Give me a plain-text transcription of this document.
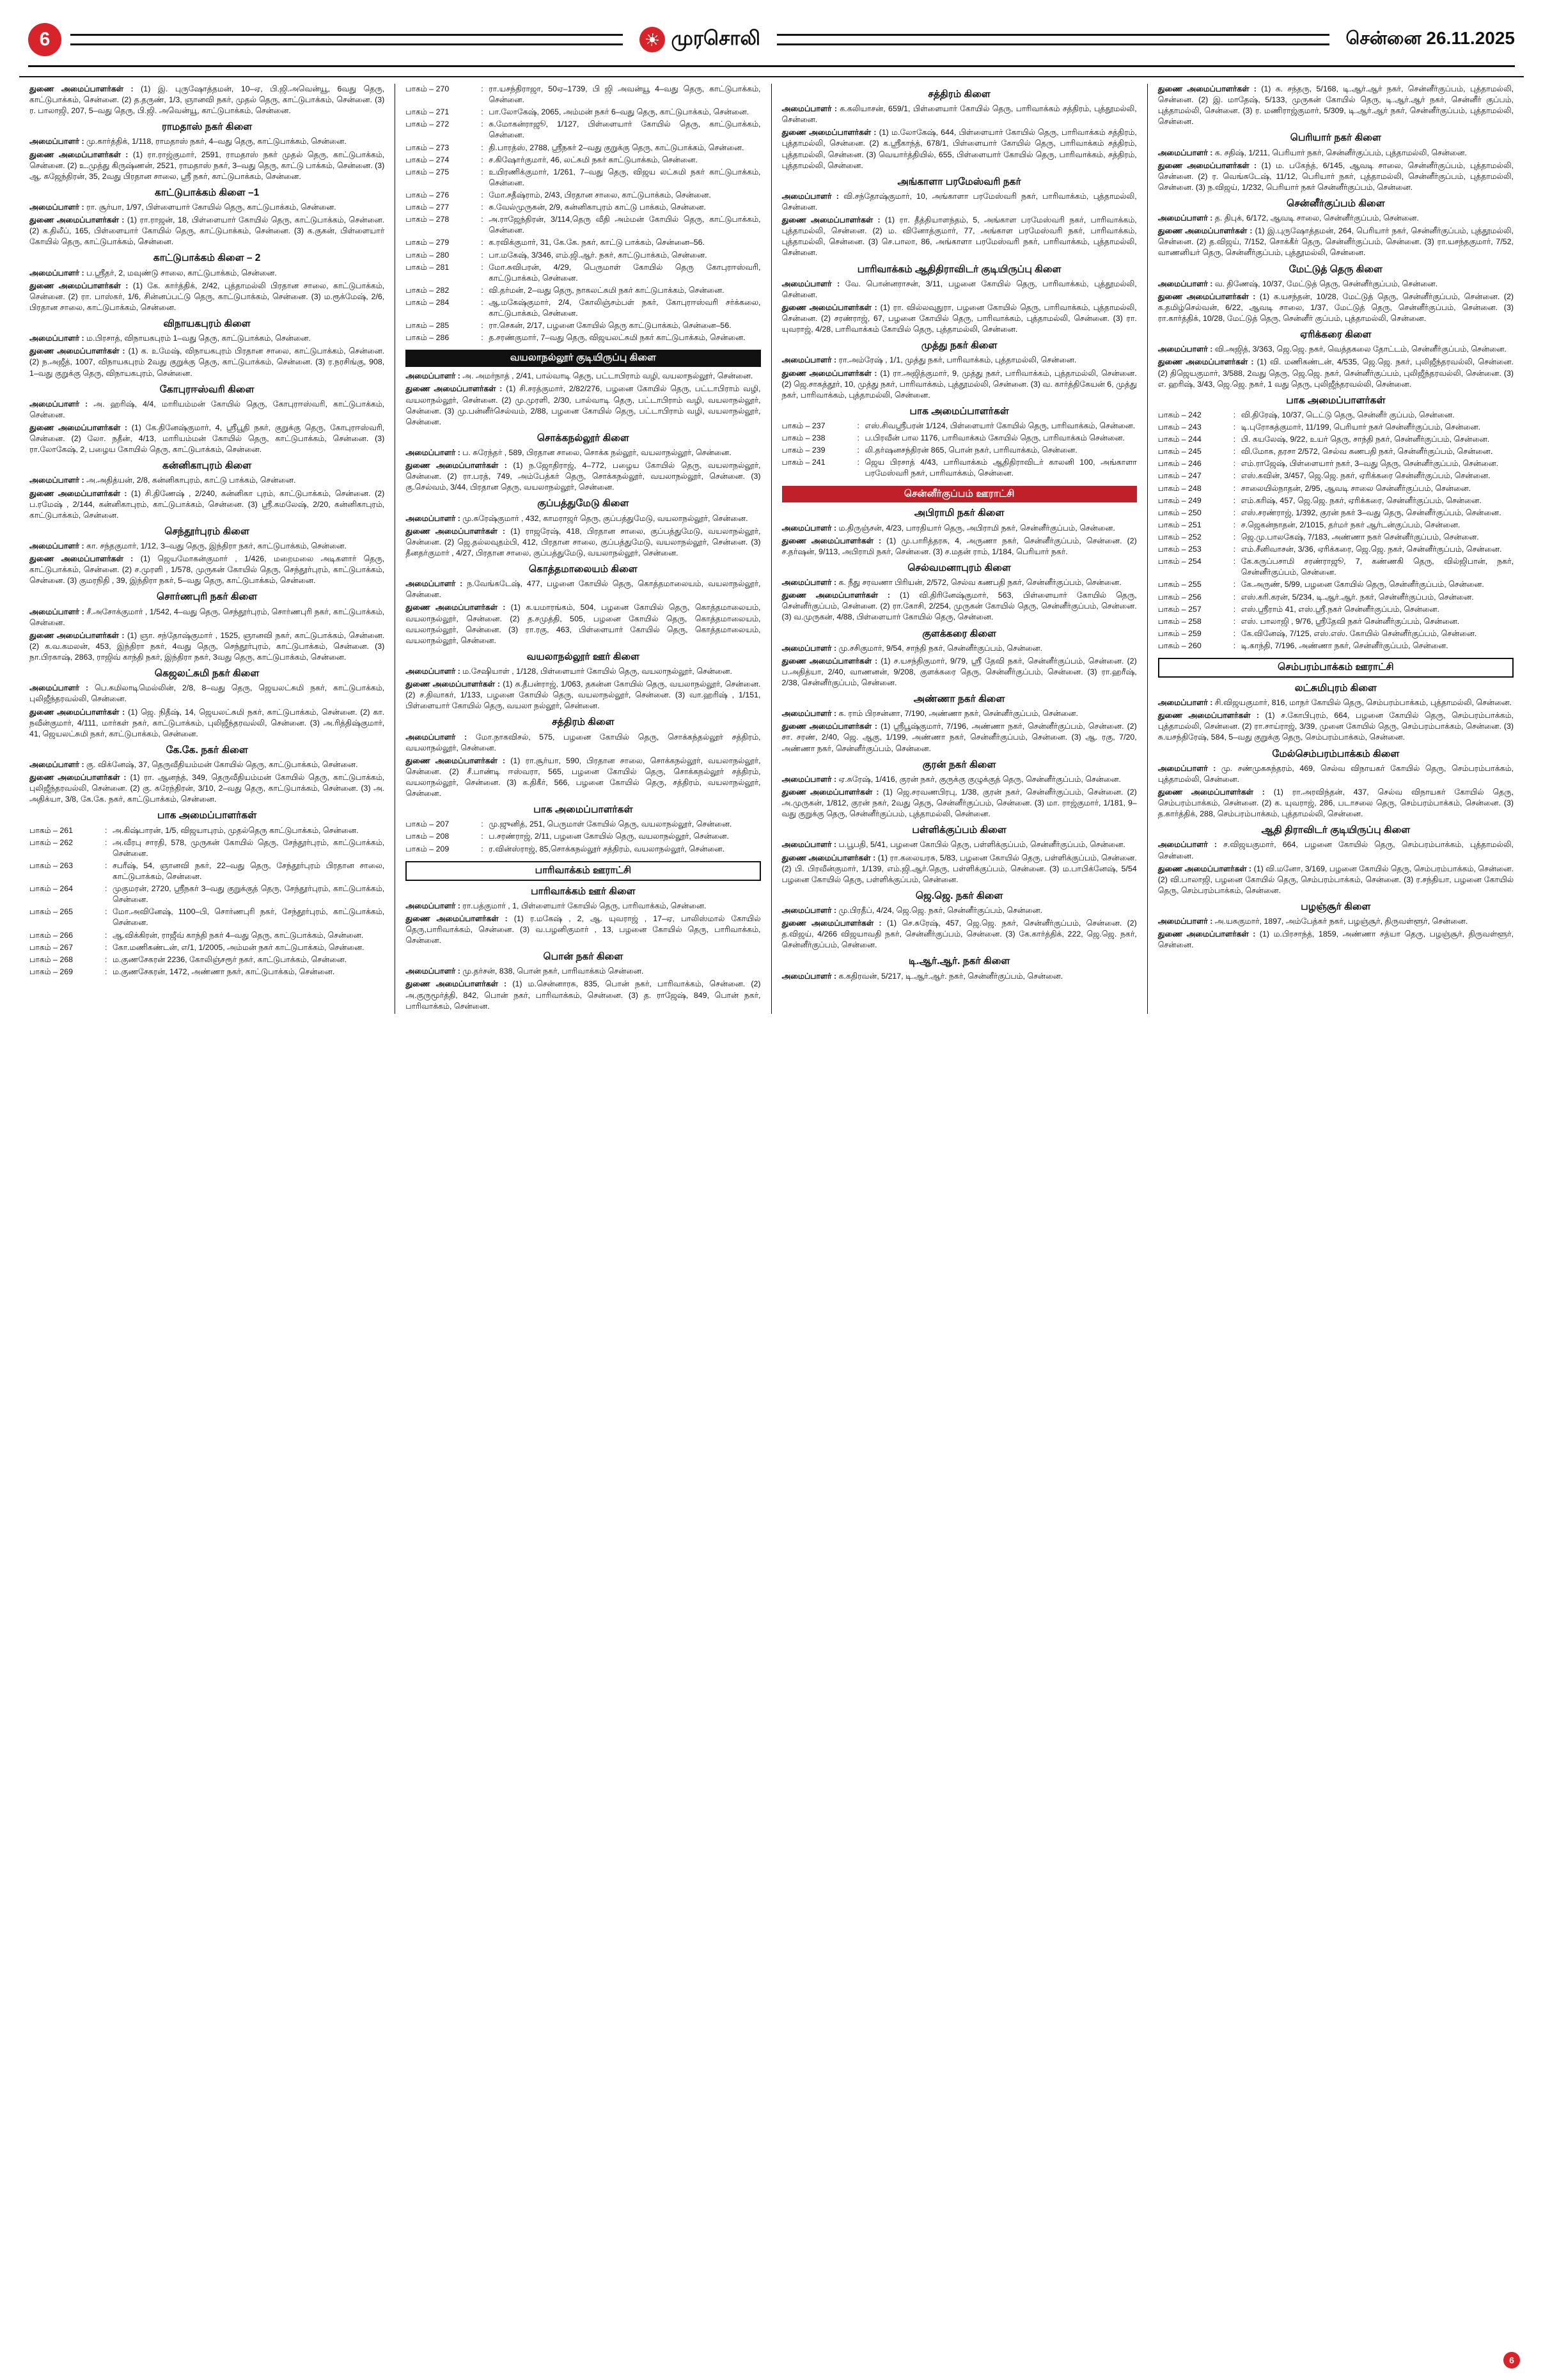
6	முரசொலி	சென்னை 26.11.2025

துணை அமைப்பாளர்கள் : (1) இ. புருஷோத்தமன், 10–ஏ, பி.ஜி.அவென்யூ, 6வது தெரு, காட்டுபாக்கம், சென்னை. (2) த.தருண், 1/3, ஞானவி நகர், முதல் தெரு, காட்டுபாக்கம், சென்னை. (3) ர. பாலாஜி, 207, 5–வது தெரு, பி.ஜி. அவென்யூ, காட்டுபாக்கம், சென்னை.

ராமதாஸ் நகர் கிளை

அமைப்பாளர் : மு.கார்த்திக், 1/118, ராமதாஸ் நகர், 4–வது தெரு, காட்டுபாக்கம், சென்னை.

துணை அமைப்பாளர்கள் : (1) ரா.ராஜ்குமார், 2591, ராமதாஸ் நகர் முதல் தெரு, காட்டுபாக்கம், சென்னை. (2) உ.முத்து கிருஷ்ணன், 2521, ராமதாஸ் நகர், 3–வது தெரு, காட்டு பாக்கம், சென்னை. (3) ஆ. கஜேந்திரன், 35, 2வது பிரதான சாலை, ஸ்ரீ நகர், காட்டுபாக்கம், சென்னை.

காட்டுபாக்கம் கிளை –1

அமைப்பாளர் : ரா. சூர்யா, 1/97, பிள்ளையார் கோயில் தெரு, காட்டுபாக்கம், சென்னை.

துணை அமைப்பாளர்கள் : (1) ரா.ராஜன், 18, பிள்ளையார் கோயில் தெரு, காட்டுபாக்கம், சென்னை. (2) க.திலீப், 165, பிள்ளையார் கோயில் தெரு, காட்டுபாக்கம், சென்னை. (3) க.குகன், பிள்ளையார் கோயில் தெரு, காட்டுபாக்கம், சென்னை.

காட்டுபாக்கம் கிளை – 2

அமைப்பாளர் : ப.ஸ்ரீதர், 2, மவுண்டு சாலை, காட்டுபாக்கம், சென்னை.

துணை அமைப்பாளர்கள் : (1) கே. கார்த்திக், 2/42, புத்தாமல்லி பிரதான சாலை, காட்டுபாக்கம், சென்னை. (2) ரா. பாஸ்கர், 1/6, சின்னப்பட்டு தெரு, காட்டுபாக்கம், சென்னை. (3) ம.ரூக்மேஷ், 2/6, பிரதான சாலை, காட்டுபாக்கம், சென்னை.

விநாயகபுரம் கிளை

அமைப்பாளர் : ம.பிரசாத், விநாயகபுரம் 1–வது தெரு, காட்டுபாக்கம், சென்னை.

துணை அமைப்பாளர்கள் : (1) க. உமேஷ், விநாயகபுரம் பிரதான சாலை, காட்டுபாக்கம், சென்னை. (2) ந.அஜீத், 1007, விநாயகபுரம் 2வது குறுக்கு தெரு, காட்டுபாக்கம், சென்னை. (3) ர.நரசிங்கு, 908, 1–வது குறுக்கு தெரு, விநாயகபுரம், சென்னை.

கோபுரஈஸ்வரி கிளை

அமைப்பாளர் : அ. ஹரிஷ், 4/4, மாரியம்மன் கோயில் தெரு, கோபுரஈஸ்வரி, காட்டுபாக்கம், சென்னை.

துணை அமைப்பாளர்கள் : (1) கே.தினேஷ்குமார், 4, ஸ்ரீபூதி நகர், குறுக்கு தெரு, கோபுரஈஸ்வரி, சென்னை. (2) லோ. நதீன், 4/13, மாரியம்மன் கோயில் தெரு, காட்டுபாக்கம், சென்னை. (3) ரா.லோகேஷ், 2, பழைய கோயில் தெரு, காட்டுபாக்கம், சென்னை.

கன்னிகாபுரம் கிளை

அமைப்பாளர் : அ.அதித்யன், 2/8, கன்னிகாபுரம், காட்டு பாக்கம், சென்னை.

துணை அமைப்பாளர்கள் : (1) சி.திணேஷ் , 2/240, கன்னிகா புரம், காட்டுபாக்கம், சென்னை. (2) ப.ரமேஷ் , 2/144, கன்னிகாபுரம், காட்டுபாக்கம், சென்னை. (3) ஸ்ரீ.கமலேஷ், 2/20, கன்னிகாபுரம், காட்டுபாக்கம், சென்னை.

செந்தூர்புரம் கிளை

அமைப்பாளர் : கா. சந்தகுமார், 1/12, 3–வது தெரு, இந்திரா நகர், காட்டுபாக்கம், சென்னை.

துணை அமைப்பாளர்கள் : (1) ஜெயமோகன்குமார் , 1/426, மறைமலை அடிகளார் தெரு, காட்டுபாக்கம், சென்னை. (2) ச.முரளி , 1/578, முருகன் கோயில் தெரு, செந்தூர்புரம், காட்டுபாக்கம், சென்னை. (3) குமரநிதி , 39, இந்திரா நகர், 5–வது தெரு, காட்டுபாக்கம், சென்னை.

சொர்ணபுரி நகர் கிளை

அமைப்பாளர் : சீ.அசோக்குமார் , 1/542, 4–வது தெரு, செந்தூர்புரம், சொர்ணபுரி நகர், காட்டுபாக்கம், சென்னை.

துணை அமைப்பாளர்கள் : (1) ஞா. சந்தோஷ்குமார் , 1525, ஞானவி நகர், காட்டுபாக்கம், சென்னை. (2) க.வ.கமலன், 453, இந்திரா நகர், 4வது தெரு, செந்தூர்புரம், காட்டுபாக்கம், சென்னை. (3) நா.பிரகாஷ், 2863, ராஜிவ் காந்தி நகர், இந்திரா நகர், 3வது தெரு, காட்டுபாக்கம், சென்னை.

கெஜலட்சுமி நகர் கிளை

அமைப்பாளர் : பெ.கமிலாடிமெல்லின், 2/8, 8–வது தெரு, ஜெயலட்சுமி நகர், காட்டுபாக்கம், புலிஜீந்தரவல்லி, சென்னை.

துணை அமைப்பாளர்கள் : (1) ஜெ. நிதீஷ், 14, ஜெயலட்சுமி நகர், காட்டுபாக்கம், சென்னை. (2) கா. நவீன்குமார், 4/111, மார்கள் நகர், காட்டுபாக்கம், புலிஜீந்தரவல்லி, சென்னை. (3) அ.ரித்திஷ்குமார், 41, ஜெயலட்சுமி நகர், காட்டுபாக்கம், சென்னை.

கே.கே. நகர் கிளை

அமைப்பாளர் : கு. விக்னேஷ், 37, தெருவீதியம்மன் கோயில் தெரு, காட்டுபாக்கம், சென்னை.

துணை அமைப்பாளர்கள் : (1) ரா. ஆனந்த், 349, தெருவீதியம்மன் கோயில் தெரு, காட்டுபாக்கம், புலிஜீந்தரவல்லி, சென்னை. (2) கு. சுரேந்திரன், 3/10, 2–வது தெரு, காட்டுபாக்கம், சென்னை. (3) அ. அதிக்யா, 3/8, கே.கே. நகர், காட்டுபாக்கம், சென்னை.

பாக அமைப்பாளர்கள்
பாகம் – 261	: அ.கிஷ்பாரன், 1/5, விஜயாபுரம், முதல்தெரு காட்டுபாக்கம், சென்னை.
பாகம் – 262	: அ.வீரபு சாரதி, 578, முருகன் கோயில் தெரு, சேந்தூர்புரம், காட்டுபாக்கம், சென்னை.
பாகம் – 263	: சபரீஷ், 54, ஞானவி நகர், 22–வது தெரு, சேந்தூர்புரம் பிரதான சாலை, காட்டுபாக்கம், சென்னை.
பாகம் – 264	: முகுமரன், 2720, ஸ்ரீநகர் 3–வது குறுக்குத் தெரு, சேந்தூர்புரம், காட்டுபாக்கம், சென்னை.
பாகம் – 265	: மோ.அவினேஷ், 1100–பி, சொர்ணபுரி நகர், சேந்தூர்புரம், காட்டுபாக்கம், சென்னை.
பாகம் – 266	: ஆ.விக்கிரன், ராஜீவ் காந்தி நகர் 4–வது தெரு, காட்டுபாக்கம், சென்னை.
பாகம் – 267	: கோ.மணிகண்டன், எ/1, 1/2005, அம்மன் நகர் காட்டுபாக்கம், சென்னை.
பாகம் – 268	: ம.குணசேகரன் 2236, கோலிஞ்சரூர் நகர், காட்டுபாக்கம், சென்னை.
பாகம் – 269	: ம.குணசேகரன், 1472, அண்ணா நகர், காட்டுபாக்கம், சென்னை.
பாகம் – 270	: ரா.யசந்திராஜா, 50ஏ–1739, பி ஜி அவன்யூ 4–வது தெரு, காட்டுபாக்கம், சென்னை.
பாகம் – 271	: பா.லோகேஷ், 2065, அம்மன் நகர் 6–வது தெரு, காட்டுபாக்கம், சென்னை.
பாகம் – 272	: சு.மோகன்ராஜூ, 1/127, பிள்ளையார் கோயில் தெரு, காட்டுபாக்கம், சென்னை.
பாகம் – 273	: தி.பாரத்ஸ், 2788, ஸ்ரீநகர் 2–வது குறுக்கு தெரு, காட்டுபாக்கம், சென்னை.
பாகம் – 274	: ச.கிஷோர்குமார், 46, லட்சுமி நகர் காட்டுபாக்கம், சென்னை.
பாகம் – 275	: உயிரணிக்குமார், 1/261, 7–வது தெரு, விஜய லட்சுமி நகர் காட்டுபாக்கம், சென்னை.
பாகம் – 276	: மோ.சதீஷ்ராம், 2/43, பிரதான சாலை, காட்டுபாக்கம், சென்னை.
பாகம் – 277	: சு.வேல்முருகன், 2/9, கன்னிகாபுரம் காட்டு பாக்கம், சென்னை.
பாகம் – 278	: அ.ராஜேந்திரன், 3/114,தெரு வீதி அம்மன் கோயில் தெரு, காட்டுபாக்கம், சென்னை.
பாகம் – 279	: க.ரவிக்குமார், 31, கே.கே. நகர், காட்டு பாக்கம், சென்னை–56.
பாகம் – 280	: பா.மகேஷ், 3/346, எம்.ஜி.ஆர். நகர், காட்டுபாக்கம், சென்னை.
பாகம் – 281	: மோ.சுவிபரன், 4/29, பெருமாள் கோயில் தெரு கோபுரஈஸ்வரி, காட்டுபாக்கம், சென்னை.
பாகம் – 282	: வி.தர்மன், 2–வது தெரு, நாகலட்சுமி நகர் காட்டுபாக்கம், சென்னை.
பாகம் – 284	: ஆ.மகேஷ்குமார், 2/4, கோலிஞ்சம்பள் நகர், கோபுரஈஸ்வரி சர்க்கலை, காட்டுபாக்கம், சென்னை.
பாகம் – 285	: ரா.செகன், 2/17, பழனை கோயில் தெரு காட்டுபாக்கம், சென்னை–56.
பாகம் – 286	: த.சரண்குமார், 7–வது தெரு, விஜயலட்சுமி நகர் காட்டுபாக்கம், சென்னை.
வயலாநல்லூர் குடியிருப்பு கிளை

அமைப்பாளர் : அ. அமர்நாத் , 2/41, பால்வாடி தெரு, பட்டாபிராம் வழி, வயலாநல்லூர், சென்னை.

துணை அமைப்பாளர்கள் : (1) சி.சரத்குமார், 2/82/276, பழனை கோயில் தெரு, பட்டாபிராம் வழி, வயலாநல்லூர், சென்னை. (2) மு.முரளி, 2/30, பால்வாடி தெரு, பட்டாபிராம் வழி, வயலாநல்லூர், சென்னை. (3) மு.பன்னீர்செல்வம், 2/88, பழனை கோயில் தெரு, பட்டாபிராம் வழி, வயலாநல்லூர், சென்னை.

சொக்கநல்லூர் கிளை

அமைப்பாளர் : ப. சுரேந்தர் , 589, பிரதான சாலை, சொக்க நல்லூர், வயலாநல்லூர், சென்னை.

துணை அமைப்பாளர்கள் : (1) ந.ஜோதிராஜ், 4–772, பழைய கோயில் தெரு, வயலாநல்லூர், சென்னை. (2) ரா.பரத், 749, அம்பேத்கர் தெரு, சொக்கநல்லூர், வயலாநல்லூர், சென்னை. (3) கு.செல்வம், 3/44, பிரதான தெரு, வயலாநல்லூர், சென்னை.

குப்பத்துமேடு கிளை

அமைப்பாளர் : மு.சுரேஷ்குமார் , 432, காமராஜர் தெரு, குப்பத்துமேடு, வயலாநல்லூர், சென்னை.

துணை அமைப்பாளர்கள் : (1) ராஜரேஷ், 418, பிரதான சாலை, குப்பத்துமேடு, வயலாநல்லூர், சென்னை. (2) ஜெ.தல்லவுதம்பி, 412, பிரதான சாலை, குப்பத்துமேடு, வயலாநல்லூர், சென்னை. (3) தீனதர்குமார் , 4/27, பிரதான சாலை, குப்பத்துமேடு, வயலாநல்லூர், சென்னை.

கொத்தமாலையம் கிளை

அமைப்பாளர் : ந.வேங்கடேஷ், 477, பழனை கோயில் தெரு, கொத்தமாலையம், வயலாநல்லூர், சென்னை.

துணை அமைப்பாளர்கள் : (1) க.யமாரங்கம், 504, பழனை கோயில் தெரு, கொத்தமாலையம், வயலாநல்லூர், சென்னை. (2) த.சமுத்தி, 505, பழனை கோயில் தெரு, கொத்தமாலையம், வயலாநல்லூர், சென்னை. (3) ரா.ரகு, 463, பிள்ளையார் கோயில் தெரு, கொத்தமாலையம், வயலாநல்லூர், சென்னை.

வயலாநல்லூர் ஊர் கிளை

அமைப்பாளர் : ம.சேஷியாள் , 1/128, பிள்ளையார் கோயில் தெரு, வயலாநல்லூர், சென்னை.

துணை அமைப்பாளர்கள் : (1) க.தீபன்ராஜ், 1/063, தகன்ன கோயில் தெரு, வயலாநல்லூர், சென்னை. (2) ச.திவாகர், 1/133, பழனை கோயில் தெரு, வயலாநல்லூர், சென்னை. (3) வா.ஹரிஷ் , 1/151, பிள்ளையார் கோயில் தெரு, வயலா நல்லூர், சென்னை.

சத்திரம் கிளை

அமைப்பாளர் : மோ.நாகவிசல், 575, பழனை கோயில் தெரு, சொக்கந்தல்லூர் சத்திரம், வயலாநல்லூர், சென்னை.

துணை அமைப்பாளர்கள் : (1) ரா.சூர்யா, 590, பிரதான சாலை, சொக்கநல்லூர், வயலாநல்லூர், சென்னை. (2) சீ.பாண்டி ஈஸ்வரா, 565, பழனை கோயில் தெரு, சொக்கநல்லூர் சத்திரம், வயலாநல்லூர், சென்னை. (3) க.திகீர், 566, பழனை கோயில் தெரு, சத்திரம், வயலாநல்லூர், சென்னை.

பாக அமைப்பாளர்கள்
பாகம் – 207	: மு.ஜுனித், 251, பெருமாள் கோயில் தெரு, வயலாநல்லூர், சென்னை.
பாகம் – 208	: ப.சரண்ராஜ், 2/11, பழனை கோயில் தெரு, வயலாநல்லூர், சென்னை.
பாகம் – 209	: ர.வின்ஸ்ராஜ், 85,சொக்கநல்லூர் சத்திரம், வயலாநல்லூர், சென்னை.
பாரிவாக்கம் ஊராட்சி
பாரிவாக்கம் ஊர் கிளை

அமைப்பாளர் : ரா.பத்குமார் , 1, பிள்ளையார் கோயில் தெரு, பாரிவாக்கம், சென்னை.

துணை அமைப்பாளர்கள் : (1) ர.மகேஷ் , 2, ஆ. யுவராஜ் , 17–ஏ, பாலிஸ்மால் கோயில் தெரு,பாரிவாக்கம், சென்னை. (3) வ.பழனிகுமார் , 13, பழனை கோயில் தெரு, பாரிவாக்கம், சென்னை.

பொன் நகர் கிளை

அமைப்பாளர் : மு.தர்சன், 838, பொன் நகர், பாரிவாக்கம் சென்னை.

துணை அமைப்பாளர்கள் : (1) ம.சென்னாரசு, 835, பொன் நகர், பாரிவாக்கம், சென்னை. (2) அ.குருமூர்த்தி, 842, பொன் நகர், பாரிவாக்கம், சென்னை. (3) த. ராஜேஷ், 849, பொன் நகர், பாரிவாக்கம், சென்னை.

சத்திரம் கிளை

அமைப்பாளர் : க.கலியாசன், 659/1, பிள்ளையார் கோயில் தெரு, பாரிவாக்கம் சத்திரம், புத்தூமல்லி, சென்னை.

துணை அமைப்பாளர்கள் : (1) ம.லோகேஷ், 644, பிள்ளையார் கோயில் தெரு, பாரிவாக்கம் சத்திரம், புத்தாமல்லி, சென்னை. (2) க.ஸ்ரீகாந்த், 678/1, பிள்ளையார் கோயில் தெரு, பாரிவாக்கம் சத்திரம், புத்தாமல்லி, சென்னை. (3) வெயார்த்தியில், 655, பிள்ளையார் கோயில் தெரு, பாரிவாக்கம், சத்திரம், புத்தாமல்லி, சென்னை.

அங்காளா பரமேஸ்வரி நகர்

அமைப்பாளர் : வி.சந்தோஷ்குமார், 10, அங்காளா பரமேஸ்வரி நகர், பாரிவாக்கம், புத்தாமல்லி, சென்னை.

துணை அமைப்பாளர்கள் : (1) ரா. தீத்தியாளந்தம், 5, அங்காள பரமேஸ்வரி நகர், பாரிவாக்கம், புத்தாமல்லி, சென்னை. (2) ம. வினோத்குமார், 77, அங்காள பரமேஸ்வரி நகர், பாரிவாக்கம், புத்தாமல்லி, சென்னை. (3) செ.பாலா, 86, அங்காளா பரமேஸ்வரி நகர், பாரிவாக்கம், புத்தாமல்லி, சென்னை.

பாரிவாக்கம் ஆதிதிராவிடர் குடியிருப்பு கிளை

அமைப்பாளர் : வே. பொன்னராசன், 3/11, பழனை கோயில் தெரு, பாரிவாக்கம், புத்தூமல்லி, சென்னை.

துணை அமைப்பாளர்கள் : (1) ரா. வில்லவுதுரா, பழனை கோயில் தெரு, பாரிவாக்கம், புத்தாமல்லி, சென்னை. (2) சரண்ராஜ், 67, பழனை கோயில் தெரு, பாரிவாக்கம், புத்தாமல்லி, சென்னை. (3) ரா. யுவராஜ், 4/28, பாரிவாக்கம் கோயில் தெரு, புத்தாமல்லி, சென்னை.

முத்து நகர் கிளை

அமைப்பாளர் : ரா.அம்ரேஷ் , 1/1, முத்து நகர், பாரிவாக்கம், புத்தாமல்லி, சென்னை.

துணை அமைப்பாளர்கள் : (1) ரா.அஜித்குமார், 9, முத்து நகர், பாரிவாக்கம், புத்தாமல்லி, சென்னை. (2) ஜெ.சாகத்தூர், 10, முத்து நகர், பாரிவாக்கம், புத்தூமல்லி, சென்னை. (3) வ. கார்த்திகேயன் 6, முத்து நகர், பாரிவாக்கம், புத்தாமல்லி, சென்னை.

பாக அமைப்பாளர்கள்
பாகம் – 237	: எஸ்.சிவஸ்ரீபரன் 1/124, பிள்ளையார் கோயில் தெரு, பாரிவாக்கம், சென்னை.
பாகம் – 238	: ப.பிரவீன் பால 1176, பாரிவாக்கம் கோயில் தெரு, பாரிவாக்கம் சென்னை.
பாகம் – 239	: லி.தர்ஷனசந்திரன் 865, பொன் நகர், பாரிவாக்கம், சென்னை.
பாகம் – 241	: ஜெய பிரசாத் 4/43, பாரிவாக்கம் ஆதிதிராவிடர் காலனி 100, அங்காளா பரமேஸ்வரி நகர், பாரிவாக்கம், சென்னை.
சென்னீர்குப்பம் ஊராட்சி
அபிராமி நகர் கிளை

அமைப்பாளர் : ம.திருஞ்சன், 4/23, பாரதியார் தெரு, அபிராமி நகர், சென்னீர்குப்பம், சென்னை.

துணை அமைப்பாளர்கள் : (1) மு.பாரித்தரசு, 4, அருணா நகர், சென்னீர்குப்பம், சென்னை. (2) ச.தர்ஷன், 9/113, அபிராமி நகர், சென்னை. (3) ச.மதன் ராம், 1/184, பெரியார் நகர்.

செல்வமனாபுரம் கிளை

அமைப்பாளர் : க. நீது சரவணா பிரியன், 2/572, செல்வ கணபதி நகர், சென்னீர்குப்பம், சென்னை.

துணை அமைப்பாளர்கள் : (1) வி.திரினேஷ்குமார், 563, பிள்ளையார் கோயில் தெரு, சென்னீர்குப்பம், சென்னை. (2) ரா.கோசி, 2/254, முருகன் கோயில் தெரு, சென்னீர்குப்பம், சென்னை. (3) வ.முருகன், 4/88, பிள்ளையார் கோயில் தெரு, சென்னை.

குளக்கரை கிளை

அமைப்பாளர் : மு.சசிகுமார், 9/54, சாந்தி நகர், சென்னீர்குப்பம், சென்னை.

துணை அமைப்பாளர்கள் : (1) ச.யசந்திகுமார், 9/79, ஸ்ரீ தேவி நகர், சென்னீர்குப்பம், சென்னை. (2) ப.அதித்யா, 2/40, வாணனன், 9/208, குளக்கரை தெரு, சென்னீர்குப்பம், சென்னை. (3) ரா.ஹரீஷ், 2/38, சென்னீர்குப்பம், சென்னை.

அண்ணா நகர் கிளை

அமைப்பாளர் : க. ராம் பிரசன்னா, 7/190, அண்ணா நகர், சென்னீர்குப்பம், சென்னை.

துணை அமைப்பாளர்கள் : (1) ஸ்ரீபூஷ்குமார், 7/196, அண்ணா நகர், சென்னீர்குப்பம், சென்னை. (2) சா. சரண், 2/40, ஜெ. ஆகு, 1/199, அண்ணா நகர், சென்னீர்குப்பம், சென்னை. (3) ஆ. ரகு, 7/20, அண்ணா நகர், சென்னீர்குப்பம், சென்னை.

குரன் நகர் கிளை

அமைப்பாளர் : ஏ.சுரேஷ், 1/416, குரன் நகர், குருக்கு குழுக்குத் தெரு, சென்னீர்குப்பம், சென்னை.

துணை அமைப்பாளர்கள் : (1) ஜெ.சரவணபிரபு, 1/38, குரன் நகர், சென்னீர்குப்பம், சென்னை. (2) அ.முருகன், 1/812, குரன் நகர், 2வது தெரு, சென்னீர்குப்பம், சென்னை. (3) மா. ராஜ்குமார், 1/181, 9–வது குறுக்கு தெரு, சென்னீர்குப்பம், புத்தாமல்லி, சென்னை.

பள்ளிக்குப்பம் கிளை

அமைப்பாளர் : ப.பூபதி, 5/41, பழனை கோபில் தெரு, பள்ளிக்குப்பம், சென்னீர்குப்பம், சென்னை.

துணை அமைப்பாளர்கள் : (1) ரா.கலையரசு, 5/83, பழனை கோயில் தெரு, பள்ளிக்குப்பம், சென்னை. (2) பி. பிரவீன்குமார், 1/139, எம்.ஜி.ஆர்.தெரு, பள்ளிக்குப்பம், சென்னை. (3) ம.பாபிக்னேஷ், 5/54 பழனை கோயில் தெரு, பள்ளிக்குப்பம், சென்னை.

ஜெ.ஜெ. நகர் கிளை

அமைப்பாளர் : மு.பிரதீப், 4/24, ஜெ.ஜெ. நகர், சென்னீர்குப்பம், சென்னை.

துணை அமைப்பாளர்கள் : (1) செ.சுரேஷ், 457, ஜெ.ஜெ. நகர், சென்னீர்குப்பம், சென்னை. (2) த.விஜய், 4/266 விஜயாவதி நகர், சென்னீர்குப்பம், சென்னை. (3) கே.கார்த்திக், 222, ஜெ.ஜெ. நகர், சென்னீர்குப்பம், சென்னை.

டி.ஆர்.ஆர். நகர் கிளை

அமைப்பாளர் : க.கதிரவன், 5/217, டி.ஆர்.ஆர். நகர், சென்னீர்குப்பம், சென்னை.

துணை அமைப்பாளர்கள் : (1) க. சந்தரு, 5/168, டி.ஆர்.ஆர் நகர், சென்னீர்குப்பம், புத்தாமல்லி, சென்னை. (2) இ. மாதேஷ், 5/133, முருகன் கோயில் தெரு, டி.ஆர்.ஆர் நகர், சென்னீர் குப்பம், புத்தாமல்லி, சென்னை. (3) ர. மணிராஜ்குமார், 5/309, டி.ஆர்.ஆர் நகர், சென்னீர்குப்பம், புத்தாமல்லி, சென்னை.

பெரியார் நகர் கிளை

அமைப்பாளர் : க. சதிஷ், 1/211, பெரியார் நகர், சென்னீர்குப்பம், புத்தாமல்லி, சென்னை.

துணை அமைப்பாளர்கள் : (1) ம. பகேந்த், 6/145, ஆவடி சாலை, சென்னீர்குப்பம், புத்தாமல்லி, சென்னை. (2) ர. வெங்கடேஷ், 11/12, பெரியார் நகர், புத்தாமல்லி, சென்னீர்குப்பம், புத்தாமல்லி, சென்னை. (3) ந.விஜய், 1/232, பெரியார் நகர் சென்னீர்குப்பம், சென்னை.

சென்னீர்குப்பம் கிளை

அமைப்பாளர் : த. திபுக், 6/172, ஆவடி சாலை, சென்னீர்குப்பம், சென்னை.

துணை அமைப்பாளர்கள் : (1) இ.புருஷோத்தமன், 264, பெரியார் நகர், சென்னீர்குப்பம், புத்தூமல்லி, சென்னை. (2) த.விஜய், 7/152, சொக்கீர் தெரு, சென்னீர்குப்பம், சென்னை. (3) ரா.யசந்தகுமார், 7/52, வாணனியர் தெரு, சென்னீர்குப்பம், புத்தூமல்லி, சென்னை.

மேட்டுத் தெரு கிளை

அமைப்பாளர் : வ. திணேஷ், 10/37, மேட்டுத் தெரு, சென்னீர்குப்பம், சென்னை.

துணை அமைப்பாளர்கள் : (1) க.யசந்தன், 10/28, மேட்டுத் தெரு, சென்னீர்குப்பம், சென்னை. (2) க.தமிழ்செல்வன், 6/22, ஆவடி சாலை, 1/37, மேட்டுத் தெரு, சென்னீர்குப்பம், சென்னை. (3) ரா.கார்த்திக், 10/28, மேட்டுத் தெரு, சென்னீர் குப்பம், புத்தாமல்லி, சென்னை.

ஏரிக்கரை கிளை

அமைப்பாளர் : வி.அஜித், 3/363, ஜெ.ஜெ. நகர், வெத்தகலை தோட்டம், சென்னீர்குப்பம், சென்னை.

துணை அமைப்பாளர்கள் : (1) வி. மணிகண்டன், 4/535, ஜெ.ஜெ. நகர், புலிஜீந்தரவல்லி, சென்னை. (2) திஜெயகுமார், 3/588, 2வது தெரு, ஜெ.ஜெ. நகர், சென்னீர்குப்பம், புலிஜீந்தரவல்லி, சென்னை. (3) எ. ஹரிஷ், 3/43, ஜெ.ஜெ. நகர், 1 வது தெரு, புலிஜீந்தரவல்லி, சென்னை.

பாக அமைப்பாளர்கள்
பாகம் – 242	: வி.திரேஷ், 10/37, டெட்டு தெரு, சென்னீர் குப்பம், சென்னை.
பாகம் – 243	: டி.புரோகத்குமார், 11/199, பெரியார் நகர் சென்னீர்குப்பம், சென்னை.
பாகம் – 244	: பி. கயலேஷ், 9/22, உயர் தெரு, சாந்தி நகர், சென்னீர்குப்பம், சென்னை.
பாகம் – 245	: வி.மோக, தரசா 2/572, செல்வ கணபதி நகர், சென்னீர்குப்பம், சென்னை.
பாகம் – 246	: எம்.ராஜேஷ், பிள்ளையார் நகர், 3–வது தெரு, சென்னீர்குப்பம், சென்னை.
பாகம் – 247	: எஸ்.கவின், 3/457, ஜெ.ஜெ. நகர், ஏரிக்கரை சென்னீர்குப்பம், சென்னை.
பாகம் – 248	: சாலையில்நாதன், 2/95, ஆவடி சாலை சென்னீர்குப்பம், சென்னை.
பாகம் – 249	: எம்.கரிஷ், 457, ஜெ.ஜெ. நகர், ஏரிக்கரை, சென்னீர்குப்பம், சென்னை.
பாகம் – 250	: எஸ்.சரண்ராஜ், 1/392, குரன் நகர் 3–வது தெரு, சென்னீர்குப்பம், சென்னை.
பாகம் – 251	: ச.ஜெகன்நாதன், 2/1015, தர்மர் நகர் ஆர்டன்குப்பம், சென்னை.
பாகம் – 252	: ஜெ.மு.பாலகேஷ், 7/183, அண்ணா நகர் சென்னீர்குப்பம், சென்னை.
பாகம் – 253	: எம்.சீனிவாசன், 3/36, ஏரிக்கரை, ஜெ.ஜெ. நகர், சென்னீர்குப்பம், சென்னை.
பாகம் – 254	: கே.கருப்பசாமி சரண்ராஜூ, 7, கண்ணகி தெரு, வில்ஜிபான், நகர், சென்னீர்குப்பம், சென்னை.
பாகம் – 255	: கே.அருண், 5/99, பழனை கோயில் தெரு, சென்னீர்குப்பம், சென்னை.
பாகம் – 256	: எஸ்.கரி.கரன், 5/234, டி.ஆர்.ஆர். நகர், சென்னீர்குப்பம், சென்னை.
பாகம் – 257	: எஸ்.ஸ்ரீராம் 41, எஸ்.ஸ்ரீ.நகர் சென்னீர்குப்பம், சென்னை.
பாகம் – 258	: எஸ். பாலாஜி , 9/76, ஸ்ரீதேவி நகர் சென்னீர்குப்பம், சென்னை.
பாகம் – 259	: கே.வினேஷ், 7/125, எஸ்.எஸ். கோயில் சென்னீர்குப்பம், சென்னை.
பாகம் – 260	: டி.காந்தி, 7/196, அண்ணா நகர், சென்னீர்குப்பம், சென்னை.
செம்பரம்பாக்கம் ஊராட்சி
லட்சுமிபுரம் கிளை

அமைப்பாளர் : சி.விஜயகுமார், 816, மாநர் கோயில் தெரு, செம்பரம்பாக்கம், புத்தாமல்லி, சென்னை.

துணை அமைப்பாளர்கள் : (1) ச.கோபிபுரம், 664, பழனை கோயில் தெரு, செம்பரம்பாக்கம், புத்தாமல்லி, சென்னை. (2) ரா.சாய்ராஜ், 3/39, முனை கோயில் தெரு, செம்பரம்பாக்கம், சென்னை. (3) சு.யசந்திரேஷ், 584, 5–வது குறுக்கு தெரு, செம்பரம்பாக்கம், சென்னை.

மேல்செம்பரம்பாக்கம் கிளை

அமைப்பாளர் : மு. சண்முகசுந்தரம், 469, செல்வ விநாயகர் கோயில் தெரு, செம்பரம்பாக்கம், புத்தாமல்லி, சென்னை.

துணை அமைப்பாளர்கள் : (1) ரா.அரவிந்தன், 437, செல்வ விநாயகர் கோயில் தெரு, செம்பரம்பாக்கம், சென்னை. (2) க. யுவராஜ், 286, படாசலை தெரு, செம்பரம்பாக்கம், சென்னை. (3) த.கார்த்திக், 288, செம்பரம்பாக்கம், புத்தாமல்லி, சென்னை.

ஆதி திராவிடர் குடியிருப்பு கிளை

அமைப்பாளர் : ச.விஜயகுமார், 664, பழனை கோயில் தெரு, செம்பரம்பாக்கம், புத்தாமல்லி, சென்னை.

துணை அமைப்பாளர்கள் : (1) வி.மனோ, 3/169, பழனை கோயில் தெரு, செம்பரம்பாக்கம், சென்னை. (2) வி.பாலாஜி, பழனை கோயில் தெரு, செம்பரம்பாக்கம், சென்னை. (3) ர.சந்தியா, பழனை கோயில் தெரு, செம்பரம்பாக்கம், சென்னை.

பழஞ்சூர் கிளை

அமைப்பாளர் : அ.யசுகுமார், 1897, அம்பேத்கர் நகர், பழஞ்சூர், திருவள்ளூர், சென்னை.

துணை அமைப்பாளர்கள் : (1) ம.பிரசாந்த், 1859, அண்ணா சத்யா தெரு, பழஞ்சூர், திருவள்ளூர், சென்னை.

6
